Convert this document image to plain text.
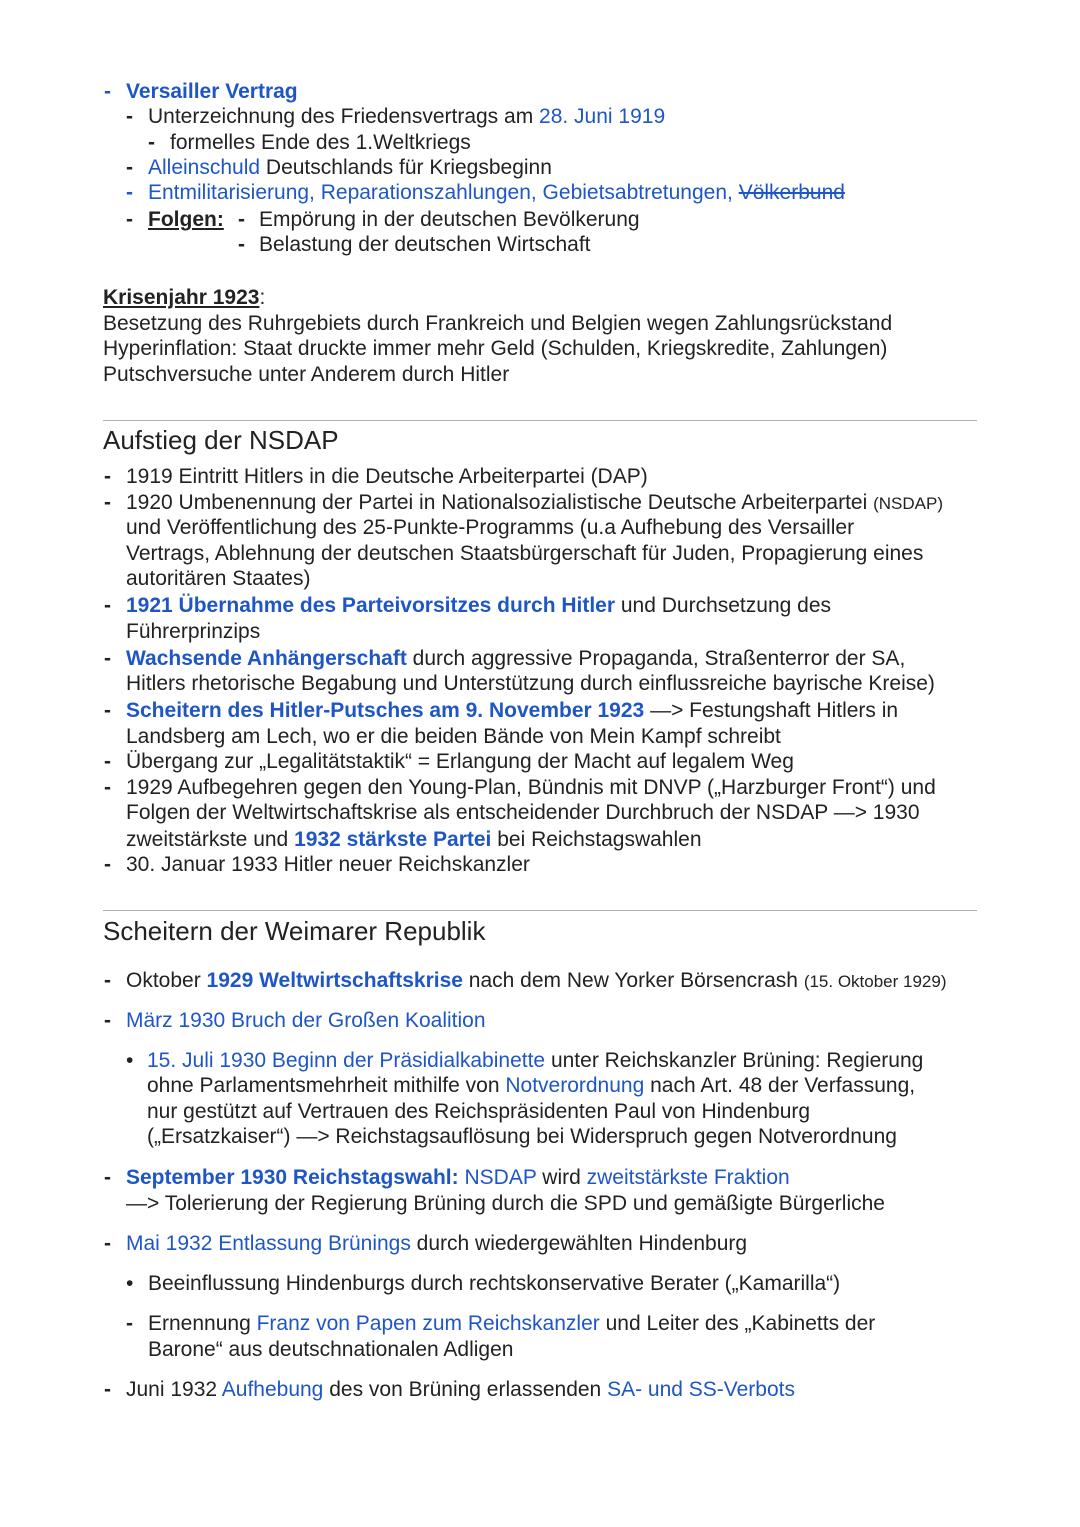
- Versailler Vertrag
- Unterzeichnung des Friedensvertrags am 28. Juni 1919
- formelles Ende des 1.Weltkriegs
- Alleinschuld Deutschlands für Kriegsbeginn
- Entmilitarisierung, Reparationszahlungen, Gebietsabtretungen, Völkerbund
- Folgen: - Empörung in der deutschen Bevölkerung
- Belastung der deutschen Wirtschaft
Krisenjahr 1923:
Besetzung des Ruhrgebiets durch Frankreich und Belgien wegen Zahlungsrückstand
Hyperinflation: Staat druckte immer mehr Geld (Schulden, Kriegskredite, Zahlungen)
Putschversuche unter Anderem durch Hitler
Aufstieg der NSDAP
- 1919 Eintritt Hitlers in die Deutsche Arbeiterpartei (DAP)
- 1920 Umbenennung der Partei in Nationalsozialistische Deutsche Arbeiterpartei (NSDAP)
und Veröffentlichung des 25-Punkte-Programms (u.a Aufhebung des Versailler
Vertrags, Ablehnung der deutschen Staatsbürgerschaft für Juden, Propagierung eines
autoritären Staates)
- 1921 Übernahme des Parteivorsitzes durch Hitler und Durchsetzung des
Führerprinzips
- Wachsende Anhängerschaft durch aggressive Propaganda, Straßenterror der SA,
Hitlers rhetorische Begabung und Unterstützung durch einflussreiche bayrische Kreise)
- Scheitern des Hitler-Putsches am 9. November 1923 —> Festungshaft Hitlers in
Landsberg am Lech, wo er die beiden Bände von Mein Kampf schreibt
- Übergang zur „Legalitätstaktik“ = Erlangung der Macht auf legalem Weg
- 1929 Aufbegehren gegen den Young-Plan, Bündnis mit DNVP („Harzburger Front“) und
Folgen der Weltwirtschaftskrise als entscheidender Durchbruch der NSDAP —> 1930
zweitstärkste und 1932 stärkste Partei bei Reichstagswahlen
- 30. Januar 1933 Hitler neuer Reichskanzler
Scheitern der Weimarer Republik
- Oktober 1929 Weltwirtschaftskrise nach dem New Yorker Börsencrash (15. Oktober 1929)
- März 1930 Bruch der Großen Koalition
• 15. Juli 1930 Beginn der Präsidialkabinette unter Reichskanzler Brüning: Regierung
ohne Parlamentsmehrheit mithilfe von Notverordnung nach Art. 48 der Verfassung,
nur gestützt auf Vertrauen des Reichspräsidenten Paul von Hindenburg
(„Ersatzkaiser“) —> Reichstagsauflösung bei Widerspruch gegen Notverordnung
- September 1930 Reichstagswahl: NSDAP wird zweitstärkste Fraktion
—> Tolerierung der Regierung Brüning durch die SPD und gemäßigte Bürgerliche
- Mai 1932 Entlassung Brünings durch wiedergewählten Hindenburg
• Beeinflussung Hindenburgs durch rechtskonservative Berater („Kamarilla“)
- Ernennung Franz von Papen zum Reichskanzler und Leiter des „Kabinetts der
Barone“ aus deutschnationalen Adligen
- Juni 1932 Aufhebung des von Brüning erlassenden SA- und SS-Verbots
